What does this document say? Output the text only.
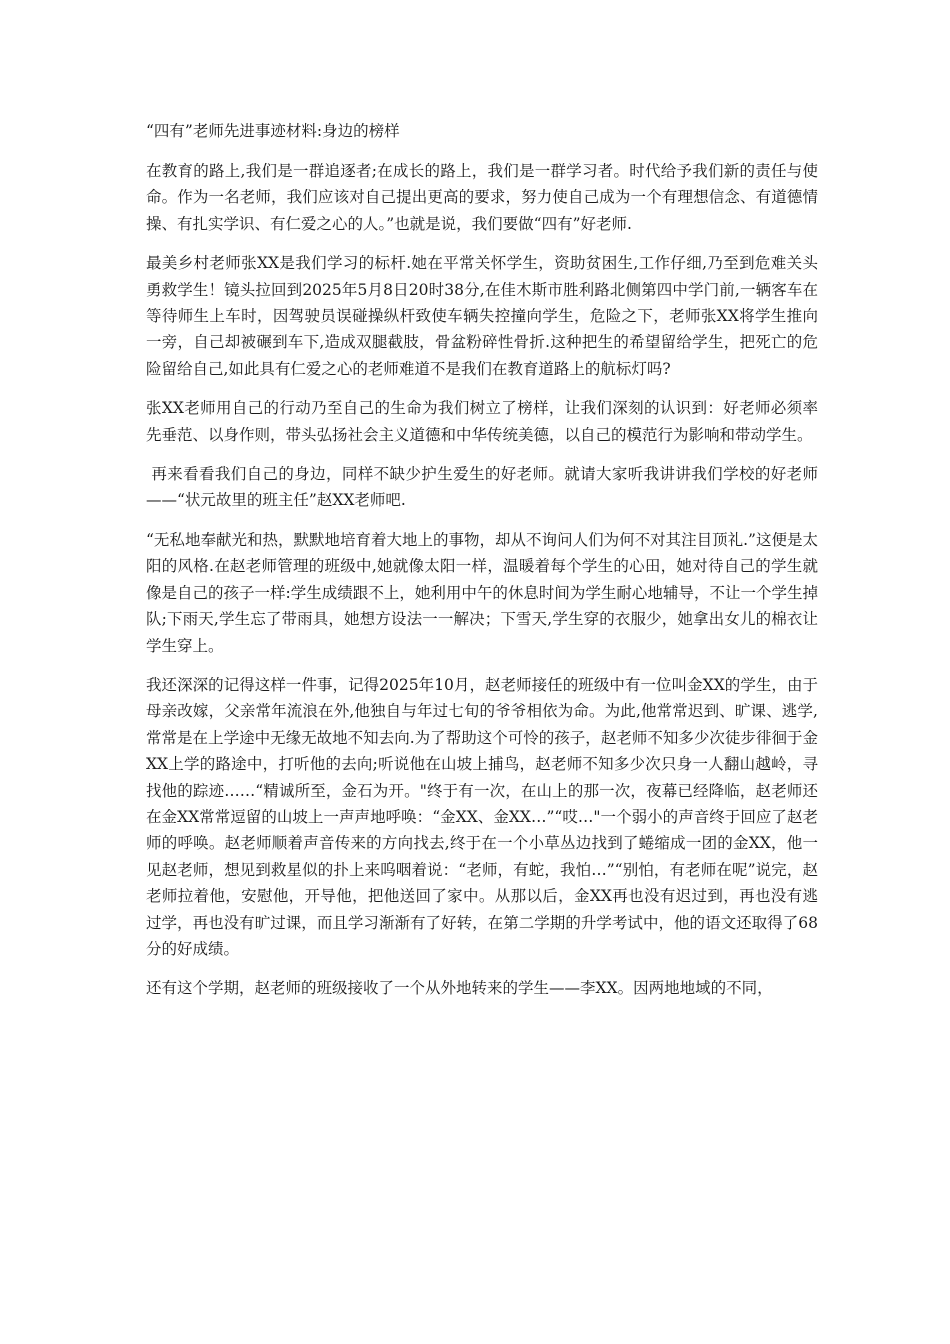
“四有”老师先进事迹材料:身边的榜样

在教育的路上,我们是一群追逐者;在成长的路上，我们是一群学习者。时代给予我们新的责任与使命。作为一名老师，我们应该对自己提出更高的要求，努力使自己成为一个有理想信念、有道德情操、有扎实学识、有仁爱之心的人。”也就是说，我们要做“四有”好老师.

最美乡村老师张XX是我们学习的标杆.她在平常关怀学生，资助贫困生,工作仔细,乃至到危难关头勇救学生！镜头拉回到2025年5月8日20时38分,在佳木斯市胜利路北侧第四中学门前,一辆客车在等待师生上车时，因驾驶员误碰操纵杆致使车辆失控撞向学生，危险之下，老师张XX将学生推向一旁，自己却被碾到车下,造成双腿截肢，骨盆粉碎性骨折.这种把生的希望留给学生，把死亡的危险留给自己,如此具有仁爱之心的老师难道不是我们在教育道路上的航标灯吗?

张XX老师用自己的行动乃至自己的生命为我们树立了榜样，让我们深刻的认识到：好老师必须率先垂范、以身作则，带头弘扬社会主义道德和中华传统美德，以自己的模范行为影响和带动学生。

再来看看我们自己的身边，同样不缺少护生爱生的好老师。就请大家听我讲讲我们学校的好老师——“状元故里的班主任”赵XX老师吧.

“无私地奉献光和热，默默地培育着大地上的事物，却从不询问人们为何不对其注目顶礼.”这便是太阳的风格.在赵老师管理的班级中,她就像太阳一样，温暖着每个学生的心田，她对待自己的学生就像是自己的孩子一样:学生成绩跟不上，她利用中午的休息时间为学生耐心地辅导，不让一个学生掉队;下雨天,学生忘了带雨具，她想方设法一一解决；下雪天,学生穿的衣服少，她拿出女儿的棉衣让学生穿上。

我还深深的记得这样一件事，记得2025年10月，赵老师接任的班级中有一位叫金XX的学生，由于母亲改嫁，父亲常年流浪在外,他独自与年过七旬的爷爷相依为命。为此,他常常迟到、旷课、逃学,常常是在上学途中无缘无故地不知去向.为了帮助这个可怜的孩子，赵老师不知多少次徒步徘徊于金XX上学的路途中，打听他的去向;听说他在山坡上捕鸟，赵老师不知多少次只身一人翻山越岭，寻找他的踪迹……“精诚所至，金石为开。"终于有一次，在山上的那一次，夜幕已经降临，赵老师还在金XX常常逗留的山坡上一声声地呼唤：“金XX、金XX…”“哎…"一个弱小的声音终于回应了赵老师的呼唤。赵老师顺着声音传来的方向找去,终于在一个小草丛边找到了蜷缩成一团的金XX，他一见赵老师，想见到救星似的扑上来呜咽着说：“老师，有蛇，我怕…”“别怕，有老师在呢”说完，赵老师拉着他，安慰他，开导他，把他送回了家中。从那以后，金XX再也没有迟过到，再也没有逃过学，再也没有旷过课，而且学习渐渐有了好转，在第二学期的升学考试中，他的语文还取得了68分的好成绩。

还有这个学期，赵老师的班级接收了一个从外地转来的学生——李XX。因两地地域的不同，
